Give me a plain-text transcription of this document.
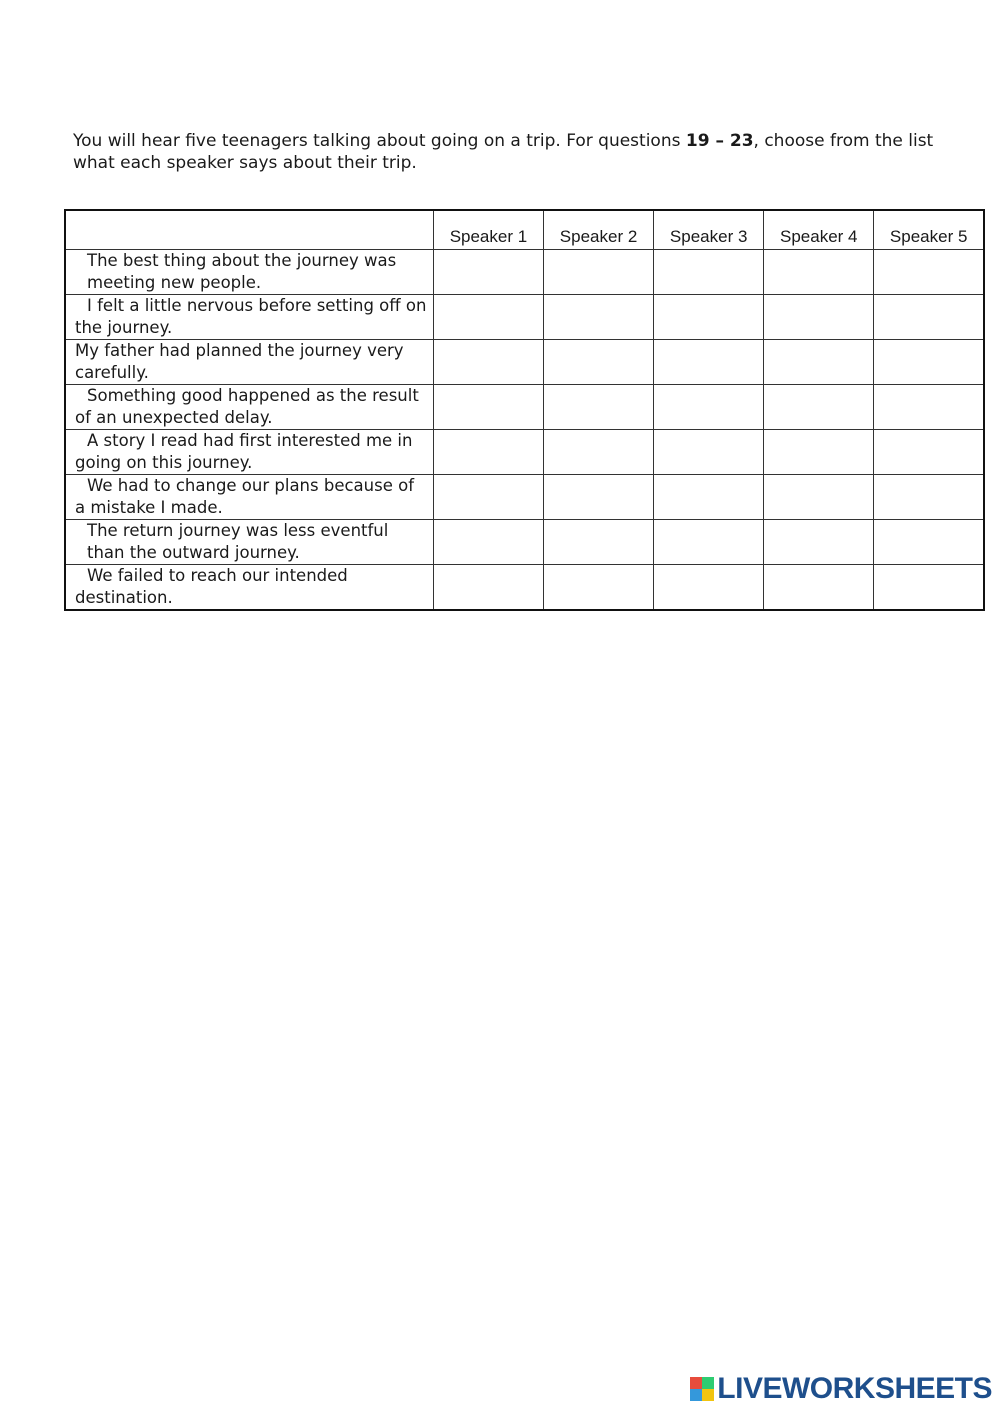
You will hear five teenagers talking about going on a trip. For questions 19 – 23, choose from the list what each speaker says about their trip.

	Speaker 1	Speaker 2	Speaker 3	Speaker 4	Speaker 5
The best thing about the journey was meeting new people.					
I felt a little nervous before setting off on the journey.					
My father had planned the journey very carefully.					
Something good happened as the result of an unexpected delay.					
A story I read had first interested me in going on this journey.					
We had to change our plans because of a mistake I made.					
The return journey was less eventful than the outward journey.					
We failed to reach our intended destination.					
LIVEWORKSHEETS
